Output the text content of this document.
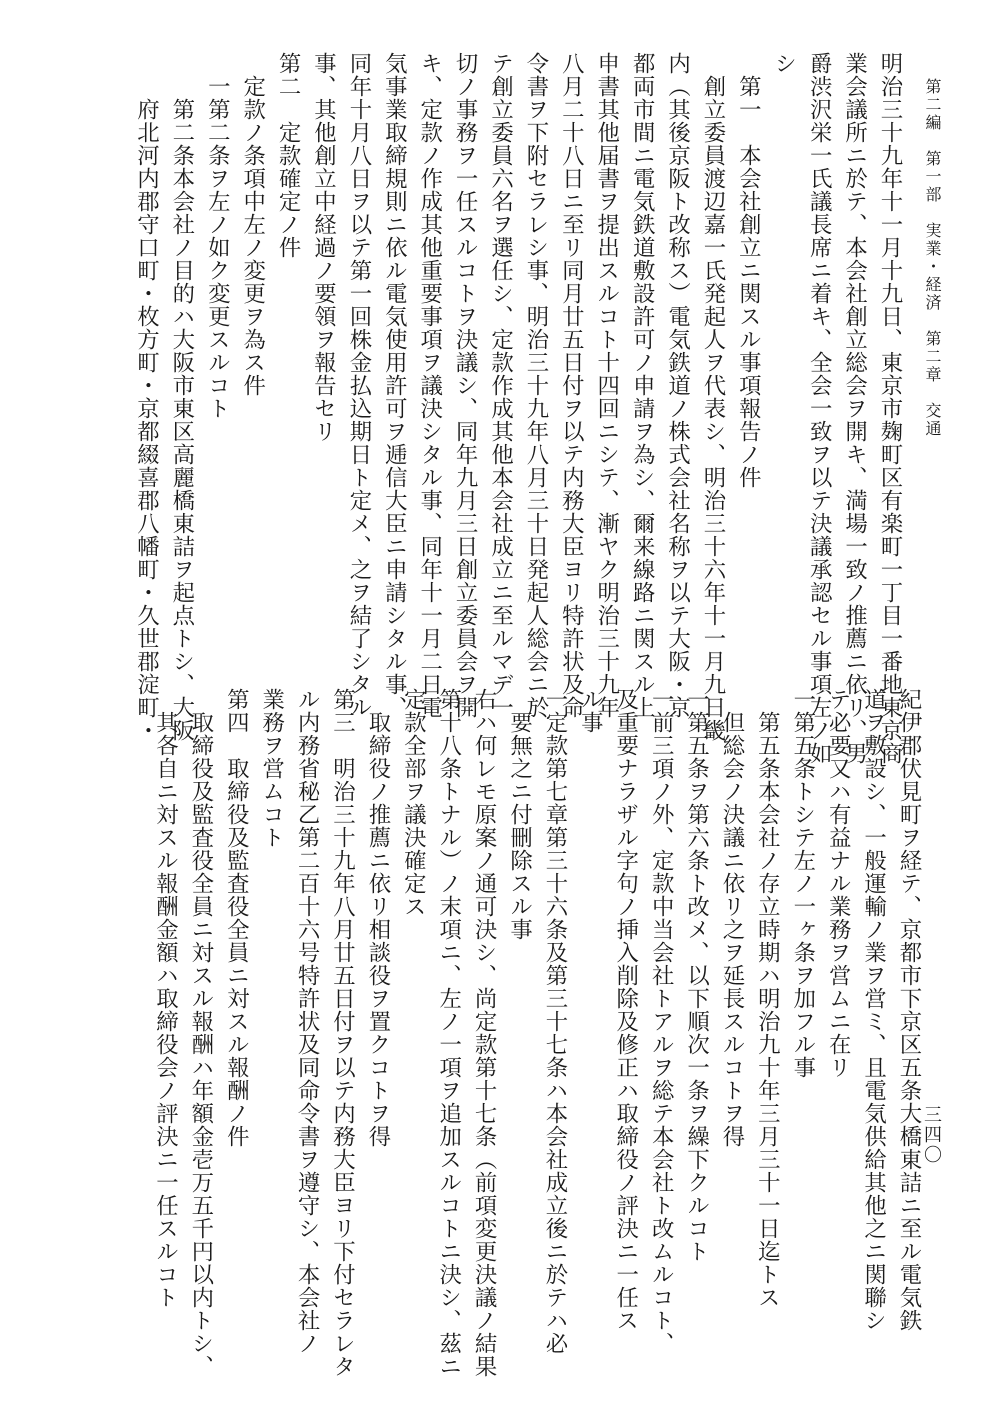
第二編　第一部　実業・経済　第二章　交通
明治三十九年十一月十九日、東京市麹町区有楽町一丁目一番地東京商
業会議所ニ於テ、本会社創立総会ヲ開キ、満場一致ノ推薦ニ依リ、男
爵渋沢栄一氏議長席ニ着キ、全会一致ヲ以テ決議承認セル事項左ノ如
シ
　第一　本会社創立ニ関スル事項報告ノ件
　創立委員渡辺嘉一氏発起人ヲ代表シ、明治三十六年十一月九日畿
内（其後京阪ト改称ス）電気鉄道ノ株式会社名称ヲ以テ大阪・京
都両市間ニ電気鉄道敷設許可ノ申請ヲ為シ、爾来線路ニ関スル上
申書其他届書ヲ提出スルコト十四回ニシテ、漸ヤク明治三十九年
八月二十八日ニ至リ同月廿五日付ヲ以テ内務大臣ヨリ特許状及命
令書ヲ下附セラレシ事、明治三十九年八月三十日発起人総会ニ於
テ創立委員六名ヲ選任シ、定款作成其他本会社成立ニ至ルマデ一
切ノ事務ヲ一任スルコトヲ決議シ、同年九月三日創立委員会ヲ開
キ、定款ノ作成其他重要事項ヲ議決シタル事、同年十一月二日電
気事業取締規則ニ依ル電気使用許可ヲ逓信大臣ニ申請シタル事、
同年十月八日ヲ以テ第一回株金払込期日ト定メ、之ヲ結了シタル
事、其他創立中経過ノ要領ヲ報告セリ
第二　定款確定ノ件
　定款ノ条項中左ノ変更ヲ為ス件
　一第二条ヲ左ノ如ク変更スルコト
　　第二条本会社ノ目的ハ大阪市東区高麗橋東詰ヲ起点トシ、大阪
　　府北河内郡守口町・枚方町・京都綴喜郡八幡町・久世郡淀町・
三四〇
紀伊郡伏見町ヲ経テ、京都市下京区五条大橋東詰ニ至ル電気鉄
道ヲ敷設シ、一般運輸ノ業ヲ営ミ、且電気供給其他之ニ関聯シ
テ必要又ハ有益ナル業務ヲ営ムニ在リ
一第五条トシテ左ノ一ヶ条ヲ加フル事
　第五条本会社ノ存立時期ハ明治九十年三月三十一日迄トス
　但総会ノ決議ニ依リ之ヲ延長スルコトヲ得
一第五条ヲ第六条ト改メ、以下順次一条ヲ繰下クルコト
一前三項ノ外、定款中当会社トアルヲ総テ本会社ト改ムルコト、
及重要ナラザル字句ノ挿入削除及修正ハ取締役ノ評決ニ一任ス
ル事
一定款第七章第三十六条及第三十七条ハ本会社成立後ニ於テハ必
　要無之ニ付刪除スル事
右ハ何レモ原案ノ通可決シ、尚定款第十七条（前項変更決議ノ結果
第十八条トナル）ノ末項ニ、左ノ一項ヲ追加スルコトニ決シ、茲ニ
定款全部ヲ議決確定ス
　取締役ノ推薦ニ依リ相談役ヲ置クコトヲ得
第三　明治三十九年八月廿五日付ヲ以テ内務大臣ヨリ下付セラレタ
ル内務省秘乙第二百十六号特許状及同命令書ヲ遵守シ、本会社ノ
業務ヲ営ムコト
第四　取締役及監査役全員ニ対スル報酬ノ件
　取締役及監査役全員ニ対スル報酬ハ年額金壱万五千円以内トシ、
　其各自ニ対スル報酬金額ハ取締役会ノ評決ニ一任スルコト
